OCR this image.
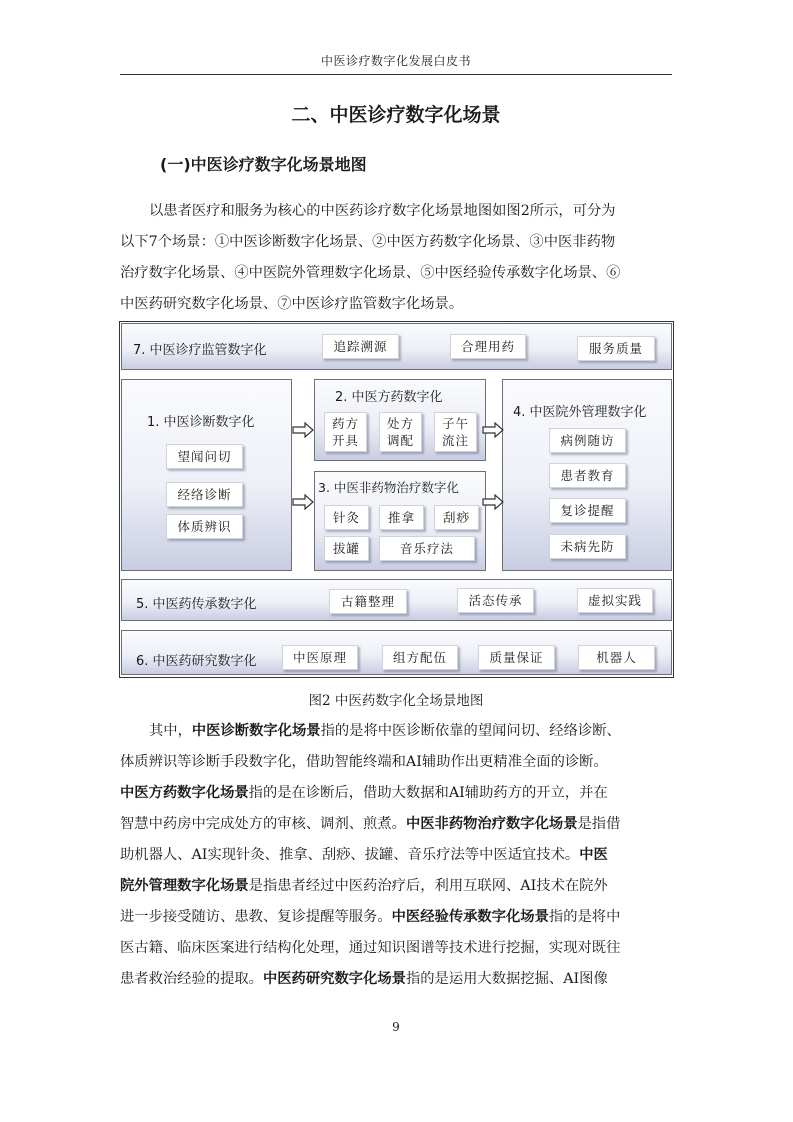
中医诊疗数字化发展白皮书
二、中医诊疗数字化场景
(一)中医诊疗数字化场景地图
以患者医疗和服务为核心的中医药诊疗数字化场景地图如图2所示，可分为
以下7个场景：①中医诊断数字化场景、②中医方药数字化场景、③中医非药物
治疗数字化场景、④中医院外管理数字化场景、⑤中医经验传承数字化场景、⑥
中医药研究数字化场景、⑦中医诊疗监管数字化场景。
7. 中医诊疗监管数字化	追踪溯源	合理用药	服务质量
1. 中医诊断数字化
望闻问切
经络诊断
体质辨识
2. 中医方药数字化
药方
开具
处方
调配
子午
流注
3. 中医非药物治疗数字化
针灸	推拿	刮痧
拔罐	音乐疗法
4. 中医院外管理数字化
病例随访
患者教育
复诊提醒
未病先防
5. 中医药传承数字化	古籍整理	活态传承	虚拟实践
6. 中医药研究数字化	中医原理	组方配伍	质量保证	机器人
图2 中医药数字化全场景地图
其中，中医诊断数字化场景指的是将中医诊断依靠的望闻问切、经络诊断、
体质辨识等诊断手段数字化，借助智能终端和AI辅助作出更精准全面的诊断。
中医方药数字化场景指的是在诊断后，借助大数据和AI辅助药方的开立，并在
智慧中药房中完成处方的审核、调剂、煎煮。中医非药物治疗数字化场景是指借
助机器人、AI实现针灸、推拿、刮痧、拔罐、音乐疗法等中医适宜技术。中医
院外管理数字化场景是指患者经过中医药治疗后，利用互联网、AI技术在院外
进一步接受随访、患教、复诊提醒等服务。中医经验传承数字化场景指的是将中
医古籍、临床医案进行结构化处理，通过知识图谱等技术进行挖掘，实现对既往
患者救治经验的提取。中医药研究数字化场景指的是运用大数据挖掘、AI图像
9
